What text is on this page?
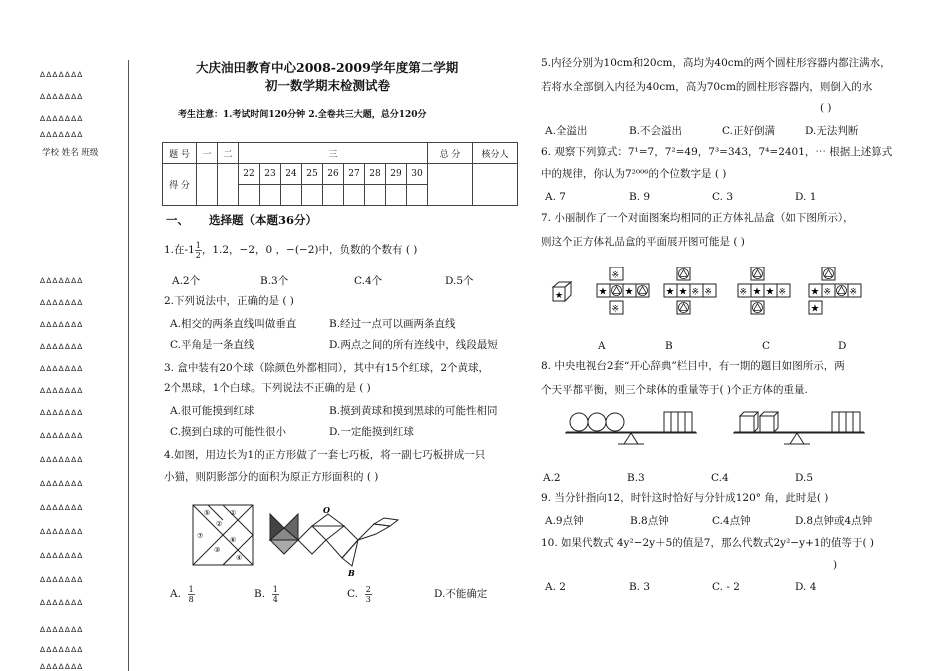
∆∆∆∆∆∆∆
∆∆∆∆∆∆∆
∆∆∆∆∆∆∆
∆∆∆∆∆∆∆
学校 姓名 班级
∆∆∆∆∆∆∆
∆∆∆∆∆∆∆
∆∆∆∆∆∆∆
∆∆∆∆∆∆∆
∆∆∆∆∆∆∆
∆∆∆∆∆∆∆
∆∆∆∆∆∆∆
∆∆∆∆∆∆∆
∆∆∆∆∆∆∆
∆∆∆∆∆∆∆
∆∆∆∆∆∆∆
∆∆∆∆∆∆∆
∆∆∆∆∆∆∆
∆∆∆∆∆∆∆
∆∆∆∆∆∆∆
∆∆∆∆∆∆∆
∆∆∆∆∆∆∆
∆∆∆∆∆∆∆
大庆油田教育中心2008-2009学年度第二学期
初一数学期末检测试卷
考生注意：1.考试时间120分钟 2.全卷共三大题，总分120分
题 号	一	二	三									总 分	核分人
得 分			22	23	24	25	26	27	28	29	30		

一、 选择题（本题36分）
1.在$-1 \frac{1}{2}$ ，1.2，−2，0 ，−(−2)中，负数的个数有 ( )
A.2个	B.3个	C.4个	D.5个
2.下列说法中，正确的是 ( )
A.相交的两条直线叫做垂直	B.经过一点可以画两条直线
C.平角是一条直线	D.两点之间的所有连线中，线段最短
3. 盒中装有20个球（除颜色外都相同），其中有15个红球，2个黄球，
2个黑球，1个白球。下列说法不正确的是 ( )
A.很可能摸到红球	B.摸到黄球和摸到黑球的可能性相同
C.摸到白球的可能性很小	D.一定能摸到红球
4.如图，用边长为1的正方形做了一套七巧板，将一副七巧板拼成一只
小猫，则阴影部分的面积为原正方形面积的 ( )
⑤	①
②
⑦
③
⑥
④
O
B
A. $\frac{1}{8}$	B. $\frac{1}{4}$	C. $\frac{2}{3}$	D.不能确定
5.内径分别为10cm和20cm，高均为40cm的两个圆柱形容器内都注满水，
若将水全部倒入内径为40cm，高为70cm的圆柱形容器内，则倒入的水
( )
A.全溢出	B.不会溢出	C.正好倒满	D.无法判断
6. 观察下列算式：7¹=7，7²=49，7³=343，7⁴=2401，⋯ 根据上述算式
中的规律，你认为7²⁰⁰⁶的个位数字是 ( )
A. 7	B. 9	C. 3	D. 1
7. 小丽制作了一个对面图案均相同的正方体礼品盒（如下图所示），
则这个正方体礼品盒的平面展开图可能是 ( )
★
※
★ ★
※
★ ★ ※ ※	※ ★ ★ ※ ★ ※ ※
★
A	B	C	D
8. 中央电视台2套“开心辞典”栏目中，有一期的题目如图所示，两
个天平都平衡，则三个球体的重量等于( )个正方体的重量.
A.2	B.3	C.4	D.5
9. 当分针指向12，时针这时恰好与分针成120° 角，此时是( )
A.9点钟	B.8点钟	C.4点钟	D.8点钟或4点钟
10. 如果代数式 4y²−2y＋5的值是7，那么代数式2y²−y+1的值等于( )
)
A. 2	B. 3	C. - 2	D. 4
